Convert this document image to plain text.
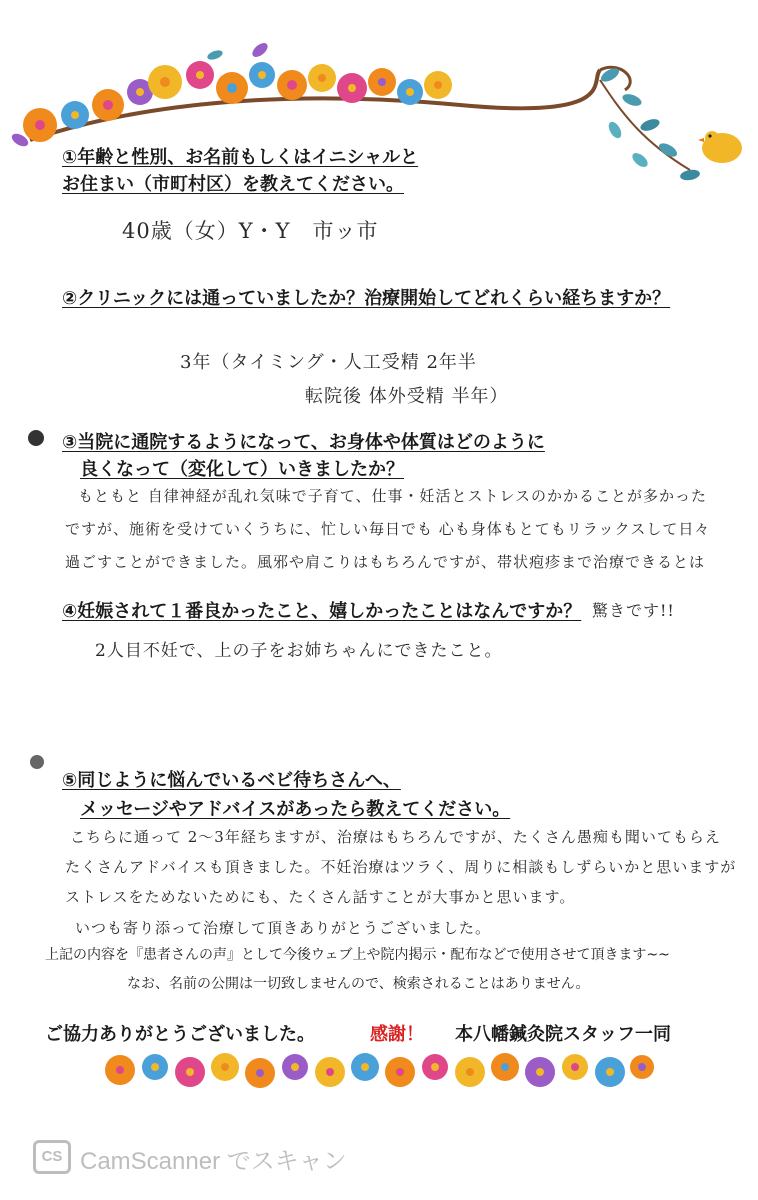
①年齢と性別、お名前もしくはイニシャルと
お住まい（市町村区）を教えてください。
40歳（女）Y・Y　市ッ市
②クリニックには通っていましたか？治療開始してどれくらい経ちますか？
3年（タイミング・人工受精 2年半
転院後 体外受精 半年）
③当院に通院するようになって、お身体や体質はどのように
良くなって（変化して）いきましたか？
もともと 自律神経が乱れ気味で子育て、仕事・妊活とストレスのかかることが多かった
ですが、施術を受けていくうちに、忙しい毎日でも 心も身体もとてもリラックスして日々
過ごすことができました。風邪や肩こりはもちろんですが、帯状疱疹まで治療できるとは
驚きです!!
④妊娠されて１番良かったこと、嬉しかったことはなんですか？
2人目不妊で、上の子をお姉ちゃんにできたこと。
⑤同じように悩んでいるベビ待ちさんへ、
メッセージやアドバイスがあったら教えてください。
こちらに通って 2〜3年経ちますが、治療はもちろんですが、たくさん愚痴も聞いてもらえ
たくさんアドバイスも頂きました。不妊治療はツラく、周りに相談もしずらいかと思いますが
ストレスをためないためにも、たくさん話すことが大事かと思います。
いつも寄り添って治療して頂きありがとうございました。
上記の内容を『患者さんの声』として今後ウェブ上や院内掲示・配布などで使用させて頂きます~~
なお、名前の公開は一切致しませんので、検索されることはありません。
ご協力ありがとうございました。	感謝！ 本八幡鍼灸院スタッフ一同
CS CamScanner でスキャン
